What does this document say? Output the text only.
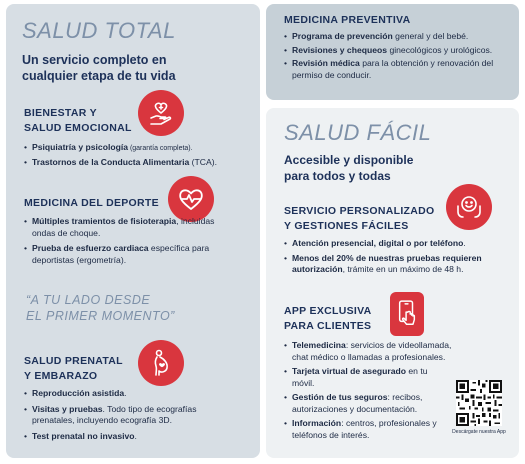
SALUD TOTAL
Un servicio completo en
cualquier etapa de tu vida
BIENESTAR Y
SALUD EMOCIONAL
• Psiquiatría y psicología (garantía completa).
• Trastornos de la Conducta Alimentaria (TCA).
MEDICINA DEL DEPORTE
• Múltiples tramientos de fisioterapia, incluidas ondas de choque.
• Prueba de esfuerzo cardiaca específica para deportistas (ergometría).
“A TU LADO DESDE
EL PRIMER MOMENTO”
SALUD PRENATAL
Y EMBARAZO
• Reproducción asistida.
• Visitas y pruebas. Todo tipo de ecografías prenatales, incluyendo ecografía 3D.
• Test prenatal no invasivo.
MEDICINA PREVENTIVA
• Programa de prevención general y del bebé.
• Revisiones y chequeos ginecológicos y urológicos.
• Revisión médica para la obtención y renovación del permiso de conducir.
SALUD FÁCIL
Accesible y disponible
para todos y todas
SERVICIO PERSONALIZADO
Y GESTIONES FÁCILES
• Atención presencial, digital o por teléfono.
• Menos del 20% de nuestras pruebas requieren autorización, trámite en un máximo de 48 h.
APP EXCLUSIVA
PARA CLIENTES
• Telemedicina: servicios de videollamada, chat médico o llamadas a profesionales.
• Tarjeta virtual de asegurado en tu móvil.
• Gestión de tus seguros: recibos, autorizaciones y documentación.
• Información: centros, profesionales y teléfonos de interés.	Descárgate nuestra App
